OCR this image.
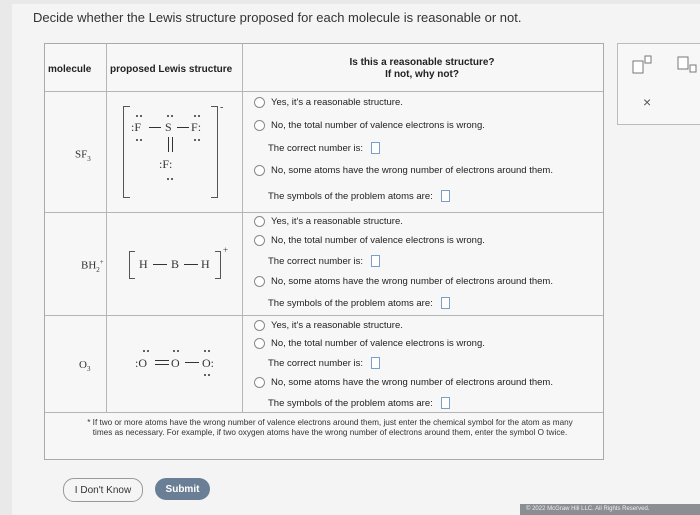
Decide whether the Lewis structure proposed for each molecule is reasonable or not.
molecule proposed Lewis structure
Is this a reasonable structure?
If not, why not?
$SF_3$
-
:F S F:
:F:
Yes, it's a reasonable structure.
No, the total number of valence electrons is wrong.
The correct number is:
No, some atoms have the wrong number of electrons around them.
The symbols of the problem atoms are:
$BH_2^+$
+
H B H
Yes, it's a reasonable structure.
No, the total number of valence electrons is wrong.
The correct number is:
No, some atoms have the wrong number of electrons around them.
The symbols of the problem atoms are:
$O_3$	:O O O:
Yes, it's a reasonable structure.
No, the total number of valence electrons is wrong.
The correct number is:
No, some atoms have the wrong number of electrons around them.
The symbols of the problem atoms are:
* If two or more atoms have the wrong number of valence electrons around them, just enter the chemical symbol for the atom as many times as necessary. For example, if two oxygen atoms have the wrong number of electrons around them, enter the symbol O twice.
×
I Don't Know	Submit
© 2022 McGraw Hill LLC. All Rights Reserved.
